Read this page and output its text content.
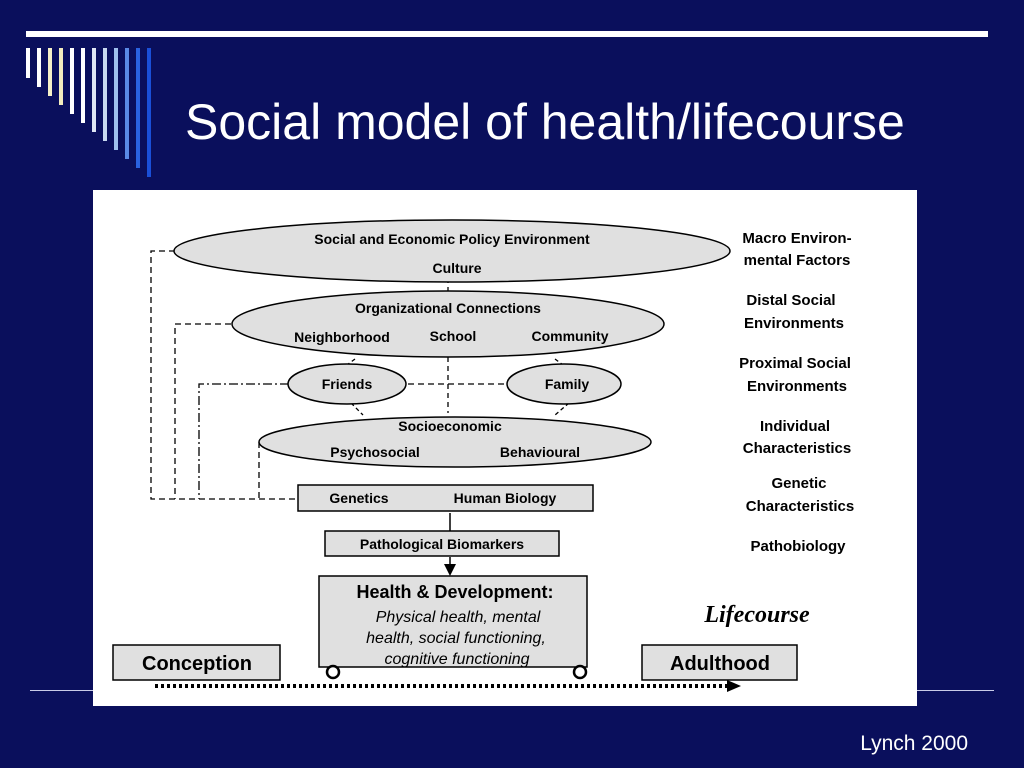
Social model of health/lifecourse
Social and Economic Policy Environment
Culture
Organizational Connections
Neighborhood	School	Community
Friends	Family
Socioeconomic
Psychosocial	Behavioural
Genetics	Human Biology
Pathological Biomarkers
Health & Development:
Physical health, mental
health, social functioning,
cognitive functioning
Macro Environ-
mental Factors
Distal Social
Environments
Proximal Social
Environments
Individual
Characteristics
Genetic
Characteristics
Pathobiology
Conception	Adulthood
Lifecourse
Lynch 2000
